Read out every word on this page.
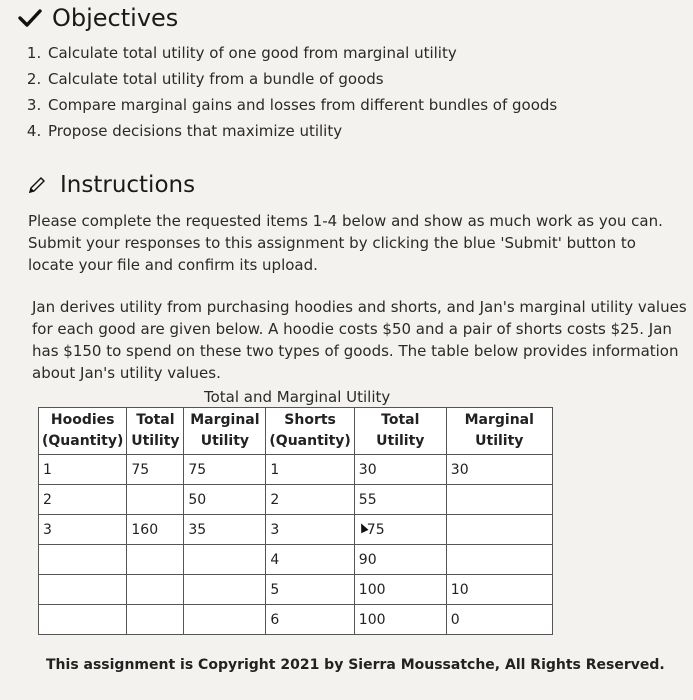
Objectives
1. Calculate total utility of one good from marginal utility
2. Calculate total utility from a bundle of goods
3. Compare marginal gains and losses from different bundles of goods
4. Propose decisions that maximize utility
Instructions
Please complete the requested items 1-4 below and show as much work as you can. Submit your responses to this assignment by clicking the blue 'Submit' button to locate your file and confirm its upload.
Jan derives utility from purchasing hoodies and shorts, and Jan's marginal utility values for each good are given below. A hoodie costs $50 and a pair of shorts costs $25. Jan has $150 to spend on these two types of goods. The table below provides information about Jan's utility values.
Total and Marginal Utility
Hoodies (Quantity)	Total Utility	Marginal Utility	Shorts (Quantity)	Total Utility	Marginal Utility
1	75	75	1	30	30
2		50	2	55	
3	160	35	3	75	
			4	90	
			5	100	10
			6	100	0
This assignment is Copyright 2021 by Sierra Moussatche, All Rights Reserved.
